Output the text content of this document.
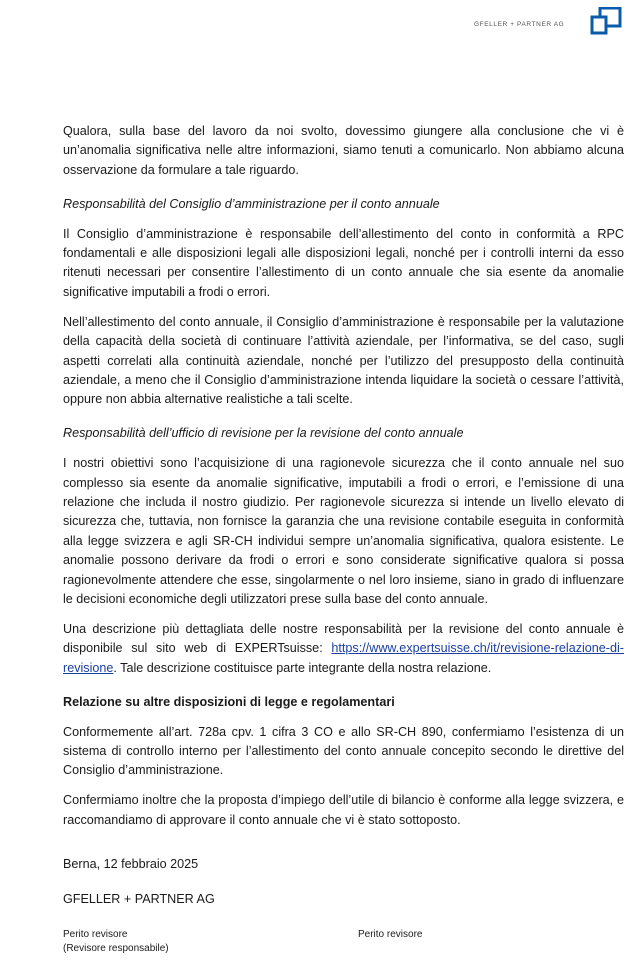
GFELLER + PARTNER AG

Qualora, sulla base del lavoro da noi svolto, dovessimo giungere alla conclusione che vi è un’anomalia significativa nelle altre informazioni, siamo tenuti a comunicarlo. Non abbiamo alcuna osservazione da formulare a tale riguardo.

Responsabilità del Consiglio d’amministrazione per il conto annuale

Il Consiglio d’amministrazione è responsabile dell’allestimento del conto in conformità a RPC fondamentali e alle disposizioni legali alle disposizioni legali, nonché per i controlli interni da esso ritenuti necessari per consentire l’allestimento di un conto annuale che sia esente da anomalie significative imputabili a frodi o errori.

Nell’allestimento del conto annuale, il Consiglio d’amministrazione è responsabile per la valutazione della capacità della società di continuare l’attività aziendale, per l’informativa, se del caso, sugli aspetti correlati alla continuità aziendale, nonché per l’utilizzo del presupposto della continuità aziendale, a meno che il Consiglio d’amministrazione intenda liquidare la società o cessare l’attività, oppure non abbia alternative realistiche a tali scelte.

Responsabilità dell’ufficio di revisione per la revisione del conto annuale

I nostri obiettivi sono l’acquisizione di una ragionevole sicurezza che il conto annuale nel suo complesso sia esente da anomalie significative, imputabili a frodi o errori, e l’emissione di una relazione che includa il nostro giudizio. Per ragionevole sicurezza si intende un livello elevato di sicurezza che, tuttavia, non fornisce la garanzia che una revisione contabile eseguita in conformità alla legge svizzera e agli SR-CH individui sempre un’anomalia significativa, qualora esistente. Le anomalie possono derivare da frodi o errori e sono considerate significative qualora si possa ragionevolmente attendere che esse, singolarmente o nel loro insieme, siano in grado di influenzare le decisioni economiche degli utilizzatori prese sulla base del conto annuale.

Una descrizione più dettagliata delle nostre responsabilità per la revisione del conto annuale è disponibile sul sito web di EXPERTsuisse: https://www.expertsuisse.ch/it/revisione-relazione-di-revisione. Tale descrizione costituisce parte integrante della nostra relazione.

Relazione su altre disposizioni di legge e regolamentari

Conformemente all’art. 728a cpv. 1 cifra 3 CO e allo SR-CH 890, confermiamo l’esistenza di un sistema di controllo interno per l’allestimento del conto annuale concepito secondo le direttive del Consiglio d’amministrazione.

Confermiamo inoltre che la proposta d’impiego dell’utile di bilancio è conforme alla legge svizzera, e raccomandiamo di approvare il conto annuale che vi è stato sottoposto.

Berna, 12 febbraio 2025

GFELLER + PARTNER AG

Perito revisore
(Revisore responsabile)
Perito revisore
